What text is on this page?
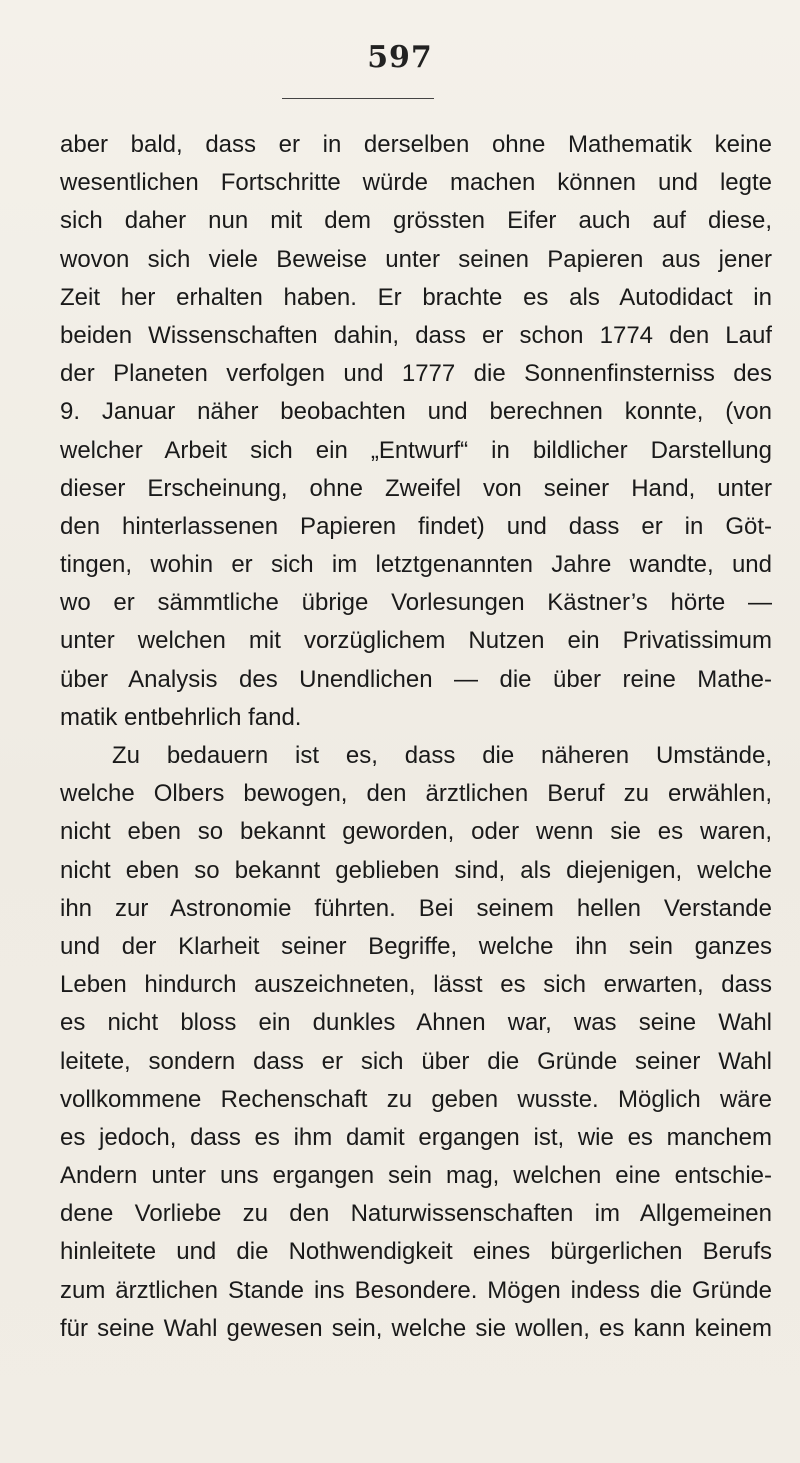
597
aber bald, dass er in derselben ohne Mathematik keine
wesentlichen Fortschritte würde machen können und legte
sich daher nun mit dem grössten Eifer auch auf diese,
wovon sich viele Beweise unter seinen Papieren aus jener
Zeit her erhalten haben. Er brachte es als Autodidact in
beiden Wissenschaften dahin, dass er schon 1774 den Lauf
der Planeten verfolgen und 1777 die Sonnenfinsterniss des
9. Januar näher beobachten und berechnen konnte, (von
welcher Arbeit sich ein „Entwurf“ in bildlicher Darstellung
dieser Erscheinung, ohne Zweifel von seiner Hand, unter
den hinterlassenen Papieren findet) und dass er in Göt-
tingen, wohin er sich im letztgenannten Jahre wandte, und
wo er sämmtliche übrige Vorlesungen Kästner’s hörte —
unter welchen mit vorzüglichem Nutzen ein Privatissimum
über Analysis des Unendlichen — die über reine Mathe-
matik entbehrlich fand.
Zu bedauern ist es, dass die näheren Umstände,
welche Olbers bewogen, den ärztlichen Beruf zu erwählen,
nicht eben so bekannt geworden, oder wenn sie es waren,
nicht eben so bekannt geblieben sind, als diejenigen, welche
ihn zur Astronomie führten. Bei seinem hellen Verstande
und der Klarheit seiner Begriffe, welche ihn sein ganzes
Leben hindurch auszeichneten, lässt es sich erwarten, dass
es nicht bloss ein dunkles Ahnen war, was seine Wahl
leitete, sondern dass er sich über die Gründe seiner Wahl
vollkommene Rechenschaft zu geben wusste. Möglich wäre
es jedoch, dass es ihm damit ergangen ist, wie es manchem
Andern unter uns ergangen sein mag, welchen eine entschie-
dene Vorliebe zu den Naturwissenschaften im Allgemeinen
hinleitete und die Nothwendigkeit eines bürgerlichen Berufs
zum ärztlichen Stande ins Besondere. Mögen indess die Gründe
für seine Wahl gewesen sein, welche sie wollen, es kann keinem
